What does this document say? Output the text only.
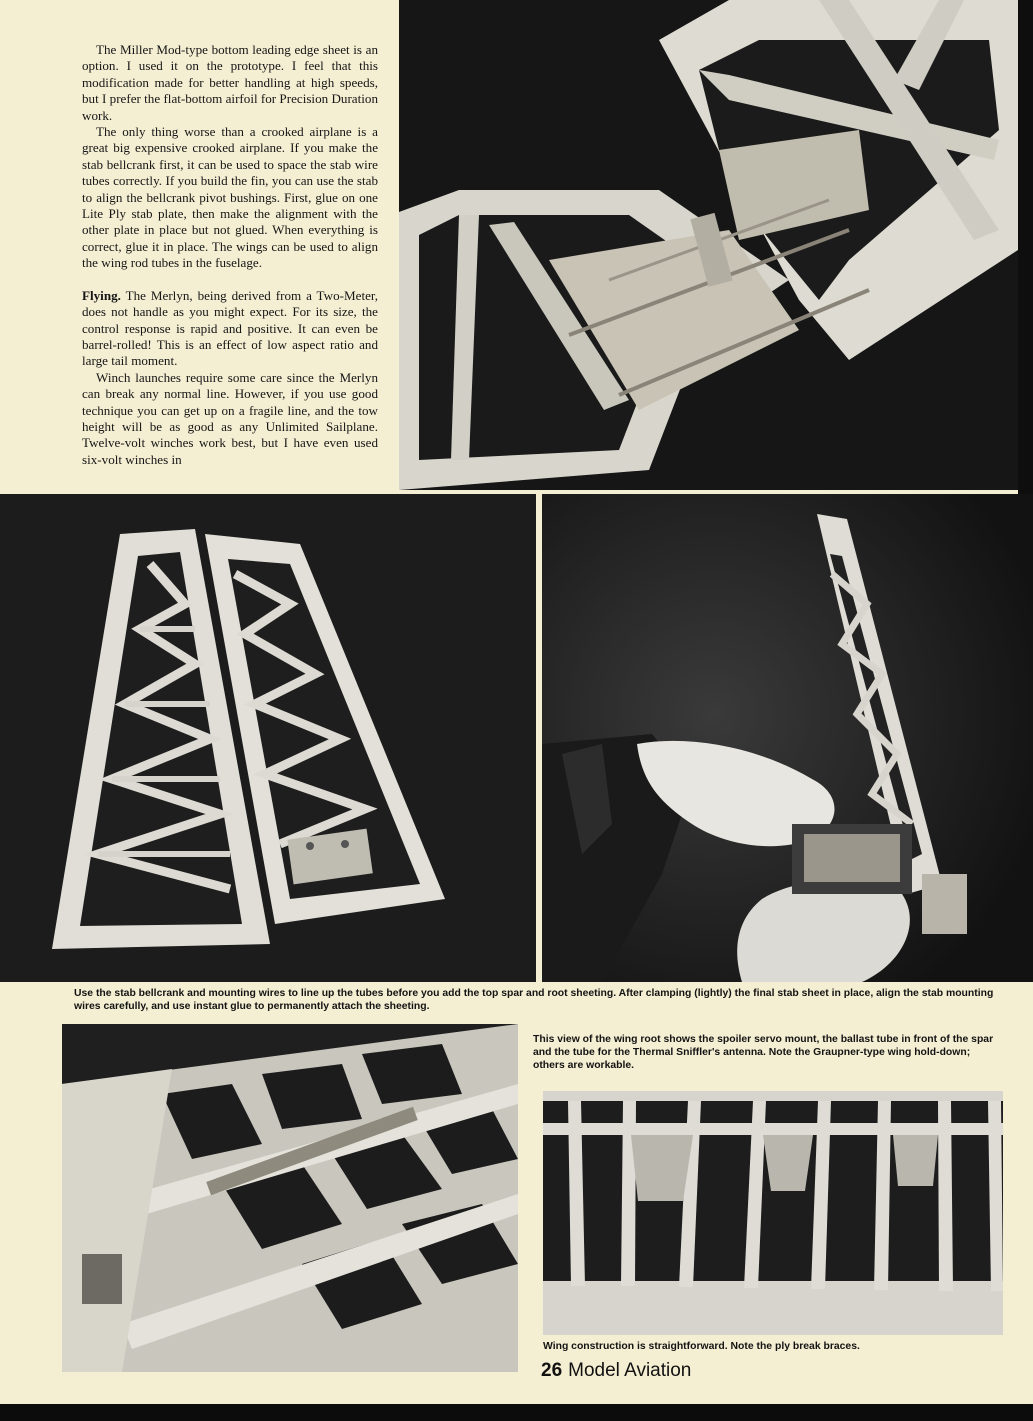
The Miller Mod-type bottom leading edge sheet is an option. I used it on the prototype. I feel that this modification made for better handling at high speeds, but I prefer the flat-bottom airfoil for Precision Duration work.

The only thing worse than a crooked airplane is a great big expensive crooked airplane. If you make the stab bellcrank first, it can be used to space the stab wire tubes correctly. If you build the fin, you can use the stab to align the bellcrank pivot bushings. First, glue on one Lite Ply stab plate, then make the alignment with the other plate in place but not glued. When everything is correct, glue it in place. The wings can be used to align the wing rod tubes in the fuselage.

Flying. The Merlyn, being derived from a Two-Meter, does not handle as you might expect. For its size, the control response is rapid and positive. It can even be barrel-rolled! This is an effect of low aspect ratio and large tail moment.

Winch launches require some care since the Merlyn can break any normal line. However, if you use good technique you can get up on a fragile line, and the tow height will be as good as any Unlimited Sailplane. Twelve-volt winches work best, but I have even used six-volt winches in

Use the stab bellcrank and mounting wires to line up the tubes before you add the top spar and root sheeting. After clamping (lightly) the final stab sheet in place, align the stab mounting wires carefully, and use instant glue to permanently attach the sheeting.
This view of the wing root shows the spoiler servo mount, the ballast tube in front of the spar and the tube for the Thermal Sniffler's antenna. Note the Graupner-type wing hold-down; others are workable.
Wing construction is straightforward. Note the ply break braces.
26 Model Aviation
